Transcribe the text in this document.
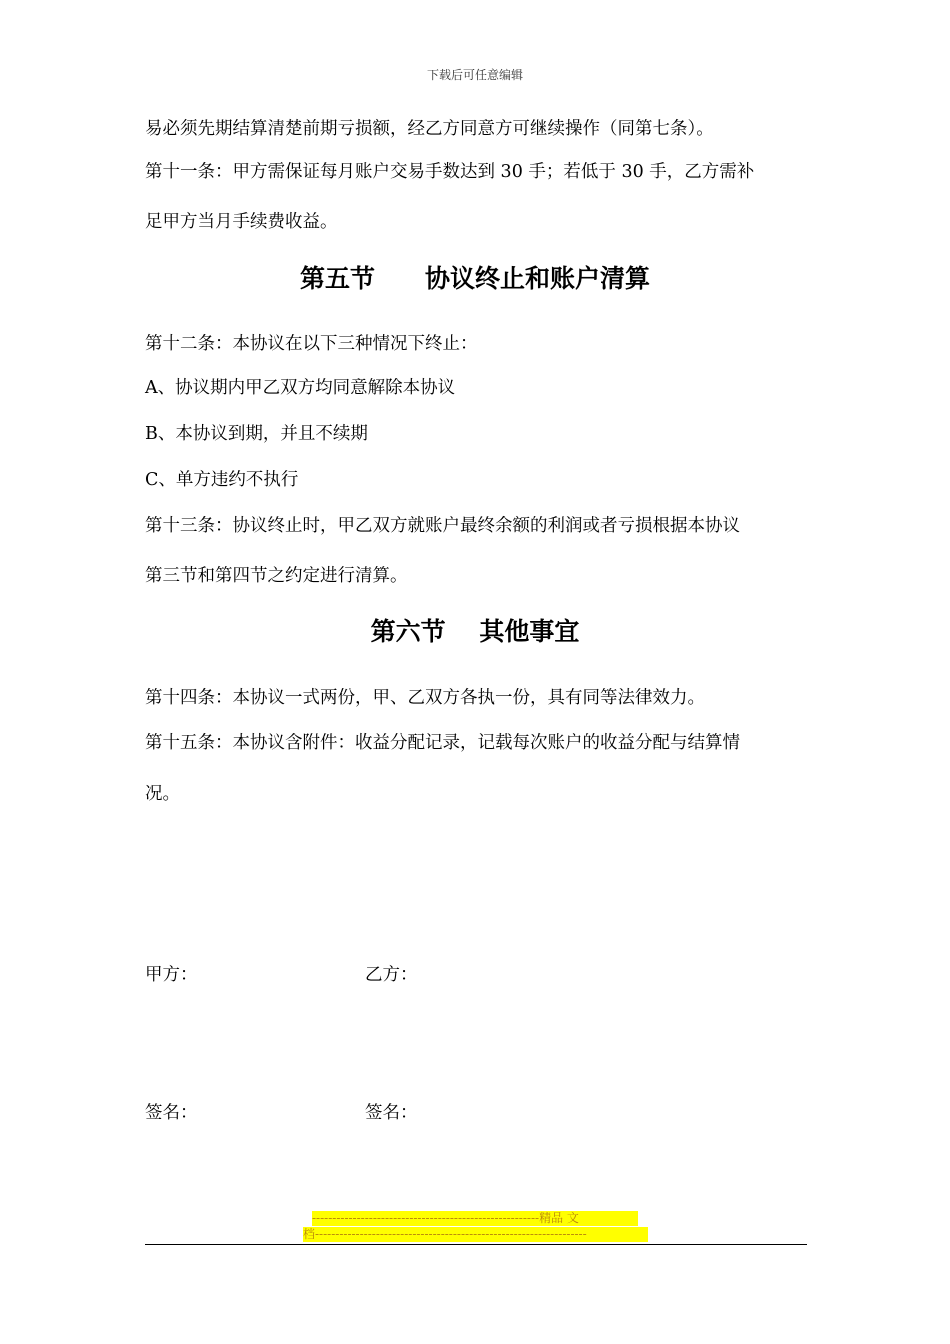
下载后可任意编辑
易必须先期结算清楚前期亏损额，经乙方同意方可继续操作（同第七条）。
第十一条：甲方需保证每月账户交易手数达到 30 手；若低于 30 手，乙方需补
足甲方当月手续费收益。
第五节　　协议终止和账户清算
第十二条：本协议在以下三种情况下终止：
A、协议期内甲乙双方均同意解除本协议
B、本协议到期，并且不续期
C、单方违约不执行
第十三条：协议终止时，甲乙双方就账户最终余额的利润或者亏损根据本协议
第三节和第四节之约定进行清算。
第六节　 其他事宜
第十四条：本协议一式两份，甲、乙双方各执一份，具有同等法律效力。
第十五条：本协议含附件：收益分配记录，记载每次账户的收益分配与结算情
况。
甲方：	乙方：
签名：	签名：
--------------------------------------------------------精品 文
档-------------------------------------------------------------------
